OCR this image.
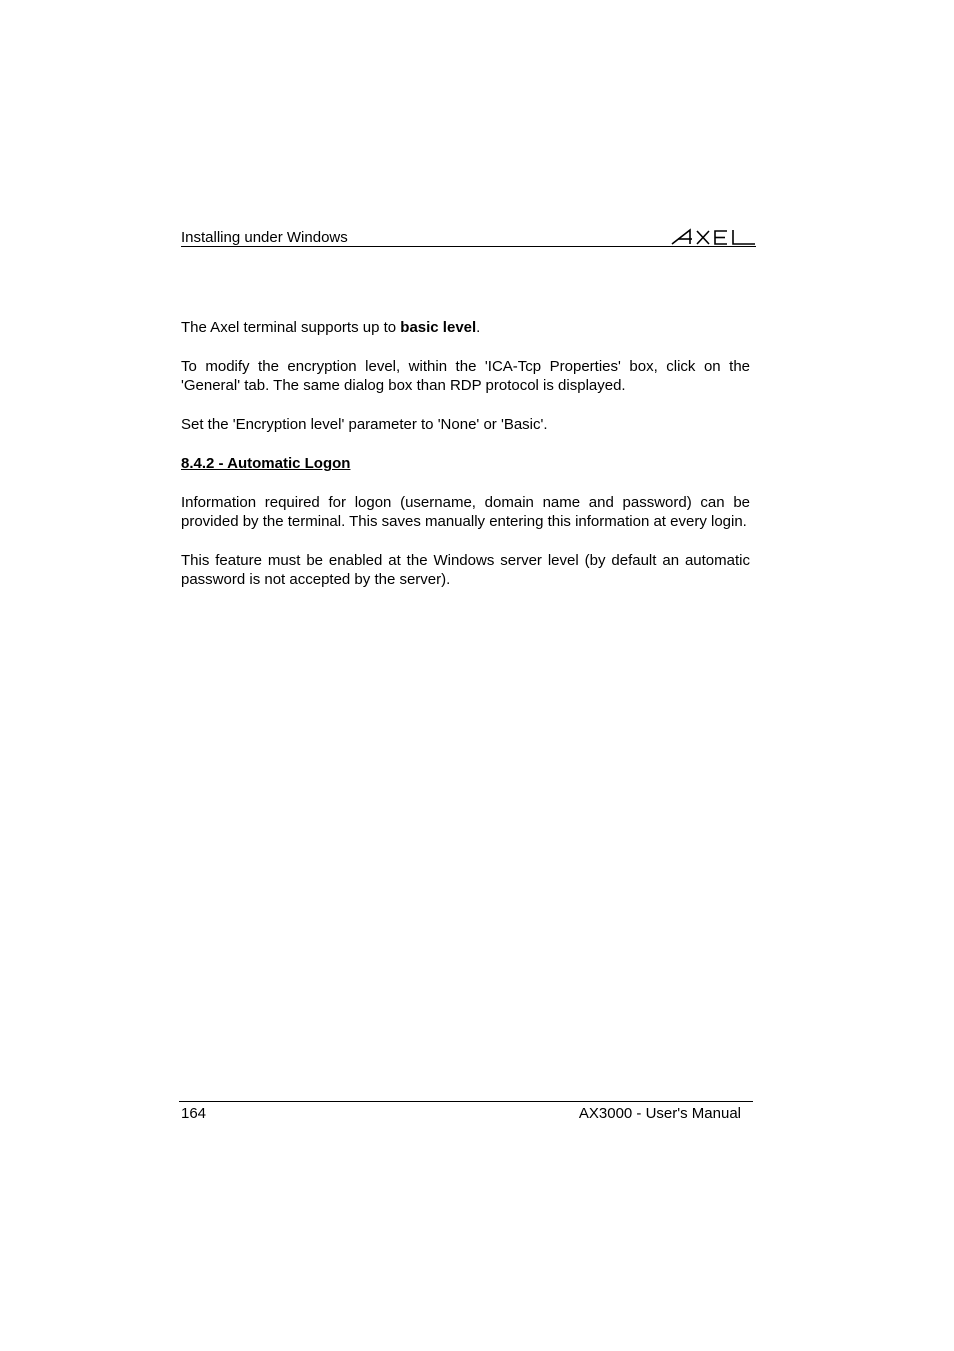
Installing under Windows

The Axel terminal supports up to basic level.

To modify the encryption level, within the 'ICA-Tcp Properties' box, click on the 'General' tab. The same dialog box than RDP protocol is displayed.

Set the 'Encryption level' parameter to 'None' or 'Basic'.

8.4.2 - Automatic Logon

Information required for logon (username, domain name and password) can be provided by the terminal. This saves manually entering this information at every login.

This feature must be enabled at the Windows server level (by default an automatic password is not accepted by the server).

164	AX3000 - User's Manual
